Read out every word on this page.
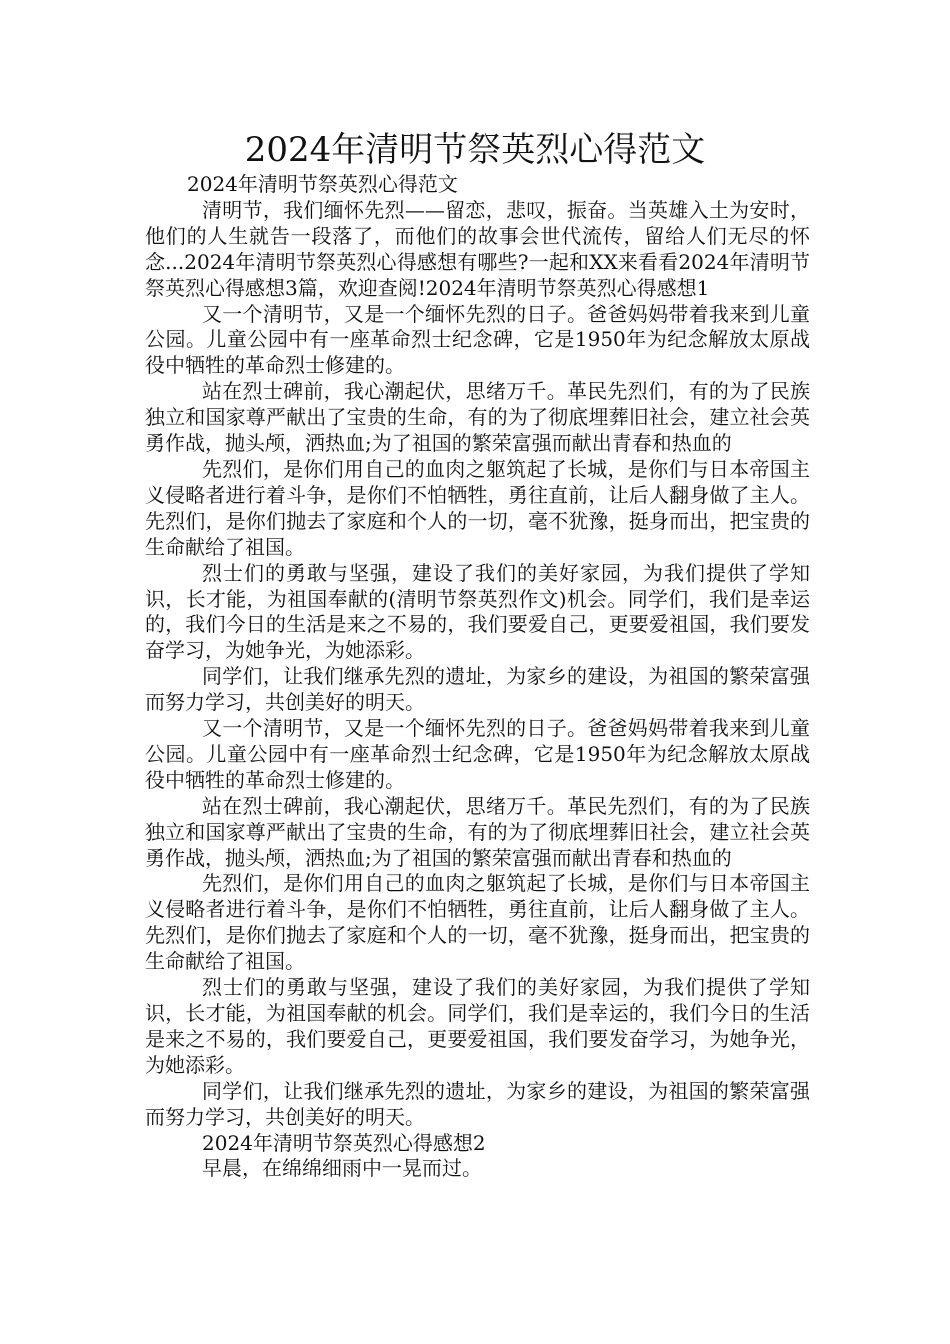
2024年清明节祭英烈心得范文

2024年清明节祭英烈心得范文

清明节，我们缅怀先烈——留恋，悲叹，振奋。当英雄入土为安时，他们的人生就告一段落了，而他们的故事会世代流传，留给人们无尽的怀念...2024年清明节祭英烈心得感想有哪些?一起和XX来看看2024年清明节祭英烈心得感想3篇，欢迎查阅!2024年清明节祭英烈心得感想1

又一个清明节，又是一个缅怀先烈的日子。爸爸妈妈带着我来到儿童公园。儿童公园中有一座革命烈士纪念碑，它是1950年为纪念解放太原战役中牺牲的革命烈士修建的。

站在烈士碑前，我心潮起伏，思绪万千。革民先烈们，有的为了民族独立和国家尊严献出了宝贵的生命，有的为了彻底埋葬旧社会，建立社会英勇作战，抛头颅，洒热血;为了祖国的繁荣富强而献出青春和热血的

先烈们，是你们用自己的血肉之躯筑起了长城，是你们与日本帝国主义侵略者进行着斗争，是你们不怕牺牲，勇往直前，让后人翻身做了主人。先烈们，是你们抛去了家庭和个人的一切，毫不犹豫，挺身而出，把宝贵的生命献给了祖国。

烈士们的勇敢与坚强，建设了我们的美好家园，为我们提供了学知识，长才能，为祖国奉献的(清明节祭英烈作文)机会。同学们，我们是幸运的，我们今日的生活是来之不易的，我们要爱自己，更要爱祖国，我们要发奋学习，为她争光，为她添彩。

同学们，让我们继承先烈的遗址，为家乡的建设，为祖国的繁荣富强而努力学习，共创美好的明天。

又一个清明节，又是一个缅怀先烈的日子。爸爸妈妈带着我来到儿童公园。儿童公园中有一座革命烈士纪念碑，它是1950年为纪念解放太原战役中牺牲的革命烈士修建的。

站在烈士碑前，我心潮起伏，思绪万千。革民先烈们，有的为了民族独立和国家尊严献出了宝贵的生命，有的为了彻底埋葬旧社会，建立社会英勇作战，抛头颅，洒热血;为了祖国的繁荣富强而献出青春和热血的

先烈们，是你们用自己的血肉之躯筑起了长城，是你们与日本帝国主义侵略者进行着斗争，是你们不怕牺牲，勇往直前，让后人翻身做了主人。先烈们，是你们抛去了家庭和个人的一切，毫不犹豫，挺身而出，把宝贵的生命献给了祖国。

烈士们的勇敢与坚强，建设了我们的美好家园，为我们提供了学知识，长才能，为祖国奉献的机会。同学们，我们是幸运的，我们今日的生活是来之不易的，我们要爱自己，更要爱祖国，我们要发奋学习，为她争光，为她添彩。

同学们，让我们继承先烈的遗址，为家乡的建设，为祖国的繁荣富强而努力学习，共创美好的明天。

2024年清明节祭英烈心得感想2

早晨，在绵绵细雨中一晃而过。
